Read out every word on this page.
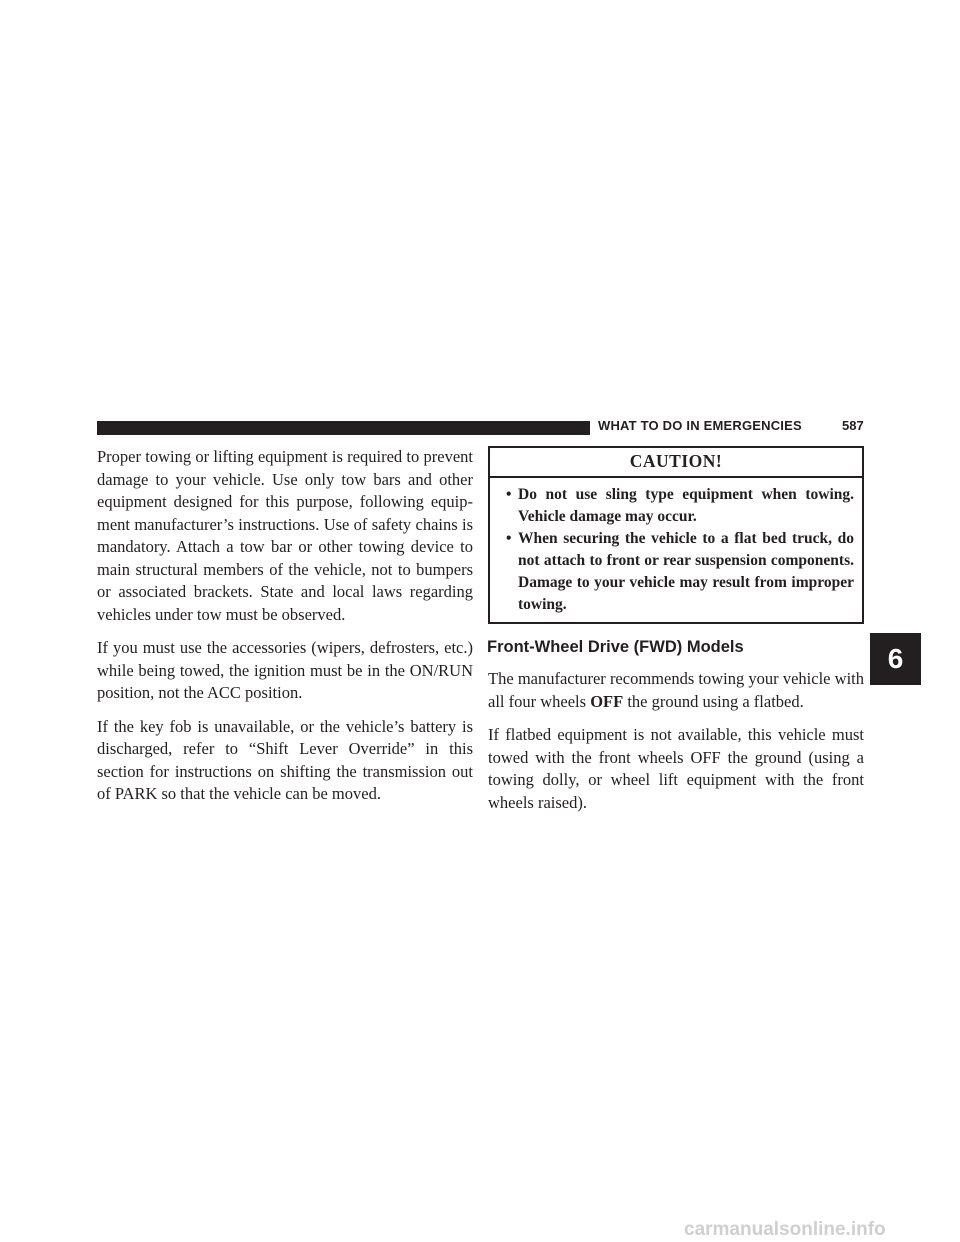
WHAT TO DO IN EMERGENCIES	587

Proper towing or lifting equipment is required to prevent damage to your vehicle. Use only tow bars and other equipment designed for this purpose, following equip- ment manufacturer’s instructions. Use of safety chains is mandatory. Attach a tow bar or other towing device to main structural members of the vehicle, not to bumpers or associated brackets. State and local laws regarding vehicles under tow must be observed.

If you must use the accessories (wipers, defrosters, etc.) while being towed, the ignition must be in the ON/RUN position, not the ACC position.

If the key fob is unavailable, or the vehicle’s battery is discharged, refer to “Shift Lever Override” in this section for instructions on shifting the transmission out of PARK so that the vehicle can be moved.

CAUTION!
• Do not use sling type equipment when towing. Vehicle damage may occur.
• When securing the vehicle to a flat bed truck, do not attach to front or rear suspension components. Damage to your vehicle may result from improper towing.
Front-Wheel Drive (FWD) Models

The manufacturer recommends towing your vehicle with all four wheels OFF the ground using a flatbed.

If flatbed equipment is not available, this vehicle must towed with the front wheels OFF the ground (using a towing dolly, or wheel lift equipment with the front wheels raised).

6
carmanualsonline.info
